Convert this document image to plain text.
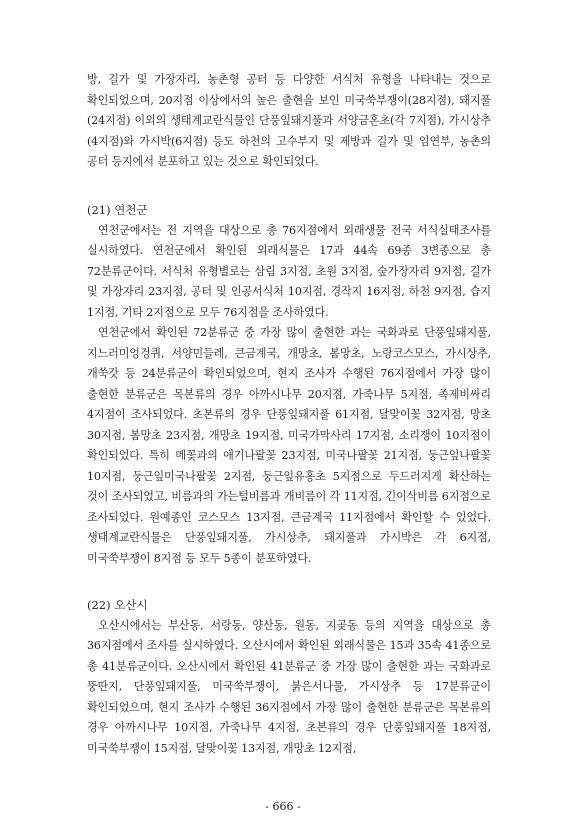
방, 길가 및 가장자리, 농촌형 공터 등 다양한 서식처 유형을 나타내는 것으로 확인되었으며, 20지점 이상에서의 높은 출현을 보인 미국쑥부쟁이(28지점), 돼지풀(24지점) 이외의 생태계교란식물인 단풍잎돼지풀과 서양금혼초(각 7지점), 가시상추(4지점)와 가시박(6지점) 등도 하천의 고수부지 및 제방과 길가 및 임연부, 농촌의 공터 등지에서 분포하고 있는 것으로 확인되었다.

(21) 연천군

연천군에서는 전 지역을 대상으로 총 76지점에서 외래생물 전국 서식실태조사를 실시하였다. 연천군에서 확인된 외래식물은 17과 44속 69종 3변종으로 총 72분류군이다. 서식처 유형별로는 삼림 3지점, 초원 3지점, 숲가장자리 9지점, 길가 및 가장자리 23지점, 공터 및 인공서식처 10지점, 경작지 16지점, 하천 9지점, 습지 1지점, 기타 2지점으로 모두 76지점을 조사하였다.

연천군에서 확인된 72분류군 중 가장 많이 출현한 과는 국화과로 단풍잎돼지풀, 지느러미엉겅퀴, 서양민들레, 큰금계국, 개망초, 봄망초, 노랑코스모스, 가시상추, 개쑥갓 등 24분류군이 확인되었으며, 현지 조사가 수행된 76지점에서 가장 많이 출현한 분류군은 목본류의 경우 아까시나무 20지점, 가죽나무 5지점, 족제비싸리 4지점이 조사되었다. 초본류의 경우 단풍잎돼지풀 61지점, 달맞이꽃 32지점, 망초 30지점, 봄망초 23지점, 개망초 19지점, 미국가막사리 17지점, 소리쟁이 10지점이 확인되었다. 특히 메꽃과의 애기나팔꽃 23지점, 미국나팔꽃 21지점, 둥근잎나팔꽃 10지점, 둥근잎미국나팔꽃 2지점, 둥근잎유홍초 5지점으로 두드러지게 확산하는 것이 조사되었고, 비름과의 가는털비름과 개비름이 각 11지점, 긴이삭비름 6지점으로 조사되었다. 원예종인 코스모스 13지점, 큰금계국 11지점에서 확인할 수 있었다. 생태계교란식물은 단풍잎돼지풀, 가시상추, 돼지풀과 가시박은 각 6지점, 미국쑥부쟁이 8지점 등 모두 5종이 분포하였다.

(22) 오산시

오산시에서는 부산동, 서랑동, 양산동, 원동, 지곶동 등의 지역을 대상으로 총 36지점에서 조사를 실시하였다. 오산시에서 확인된 외래식물은 15과 35속 41종으로 총 41분류군이다. 오산시에서 확인된 41분류군 중 가장 많이 출현한 과는 국화과로 뚱딴지, 단풍잎돼지풀, 미국쑥부쟁이, 붉은서나물, 가시상추 등 17분류군이 확인되었으며, 현지 조사가 수행된 36지점에서 가장 많이 출현한 분류군은 목본류의 경우 아까시나무 10지점, 가죽나무 4지점, 초본류의 경우 단풍잎돼지풀 18지점, 미국쑥부쟁이 15지점, 달맞이꽃 13지점, 개망초 12지점,

- 666 -
